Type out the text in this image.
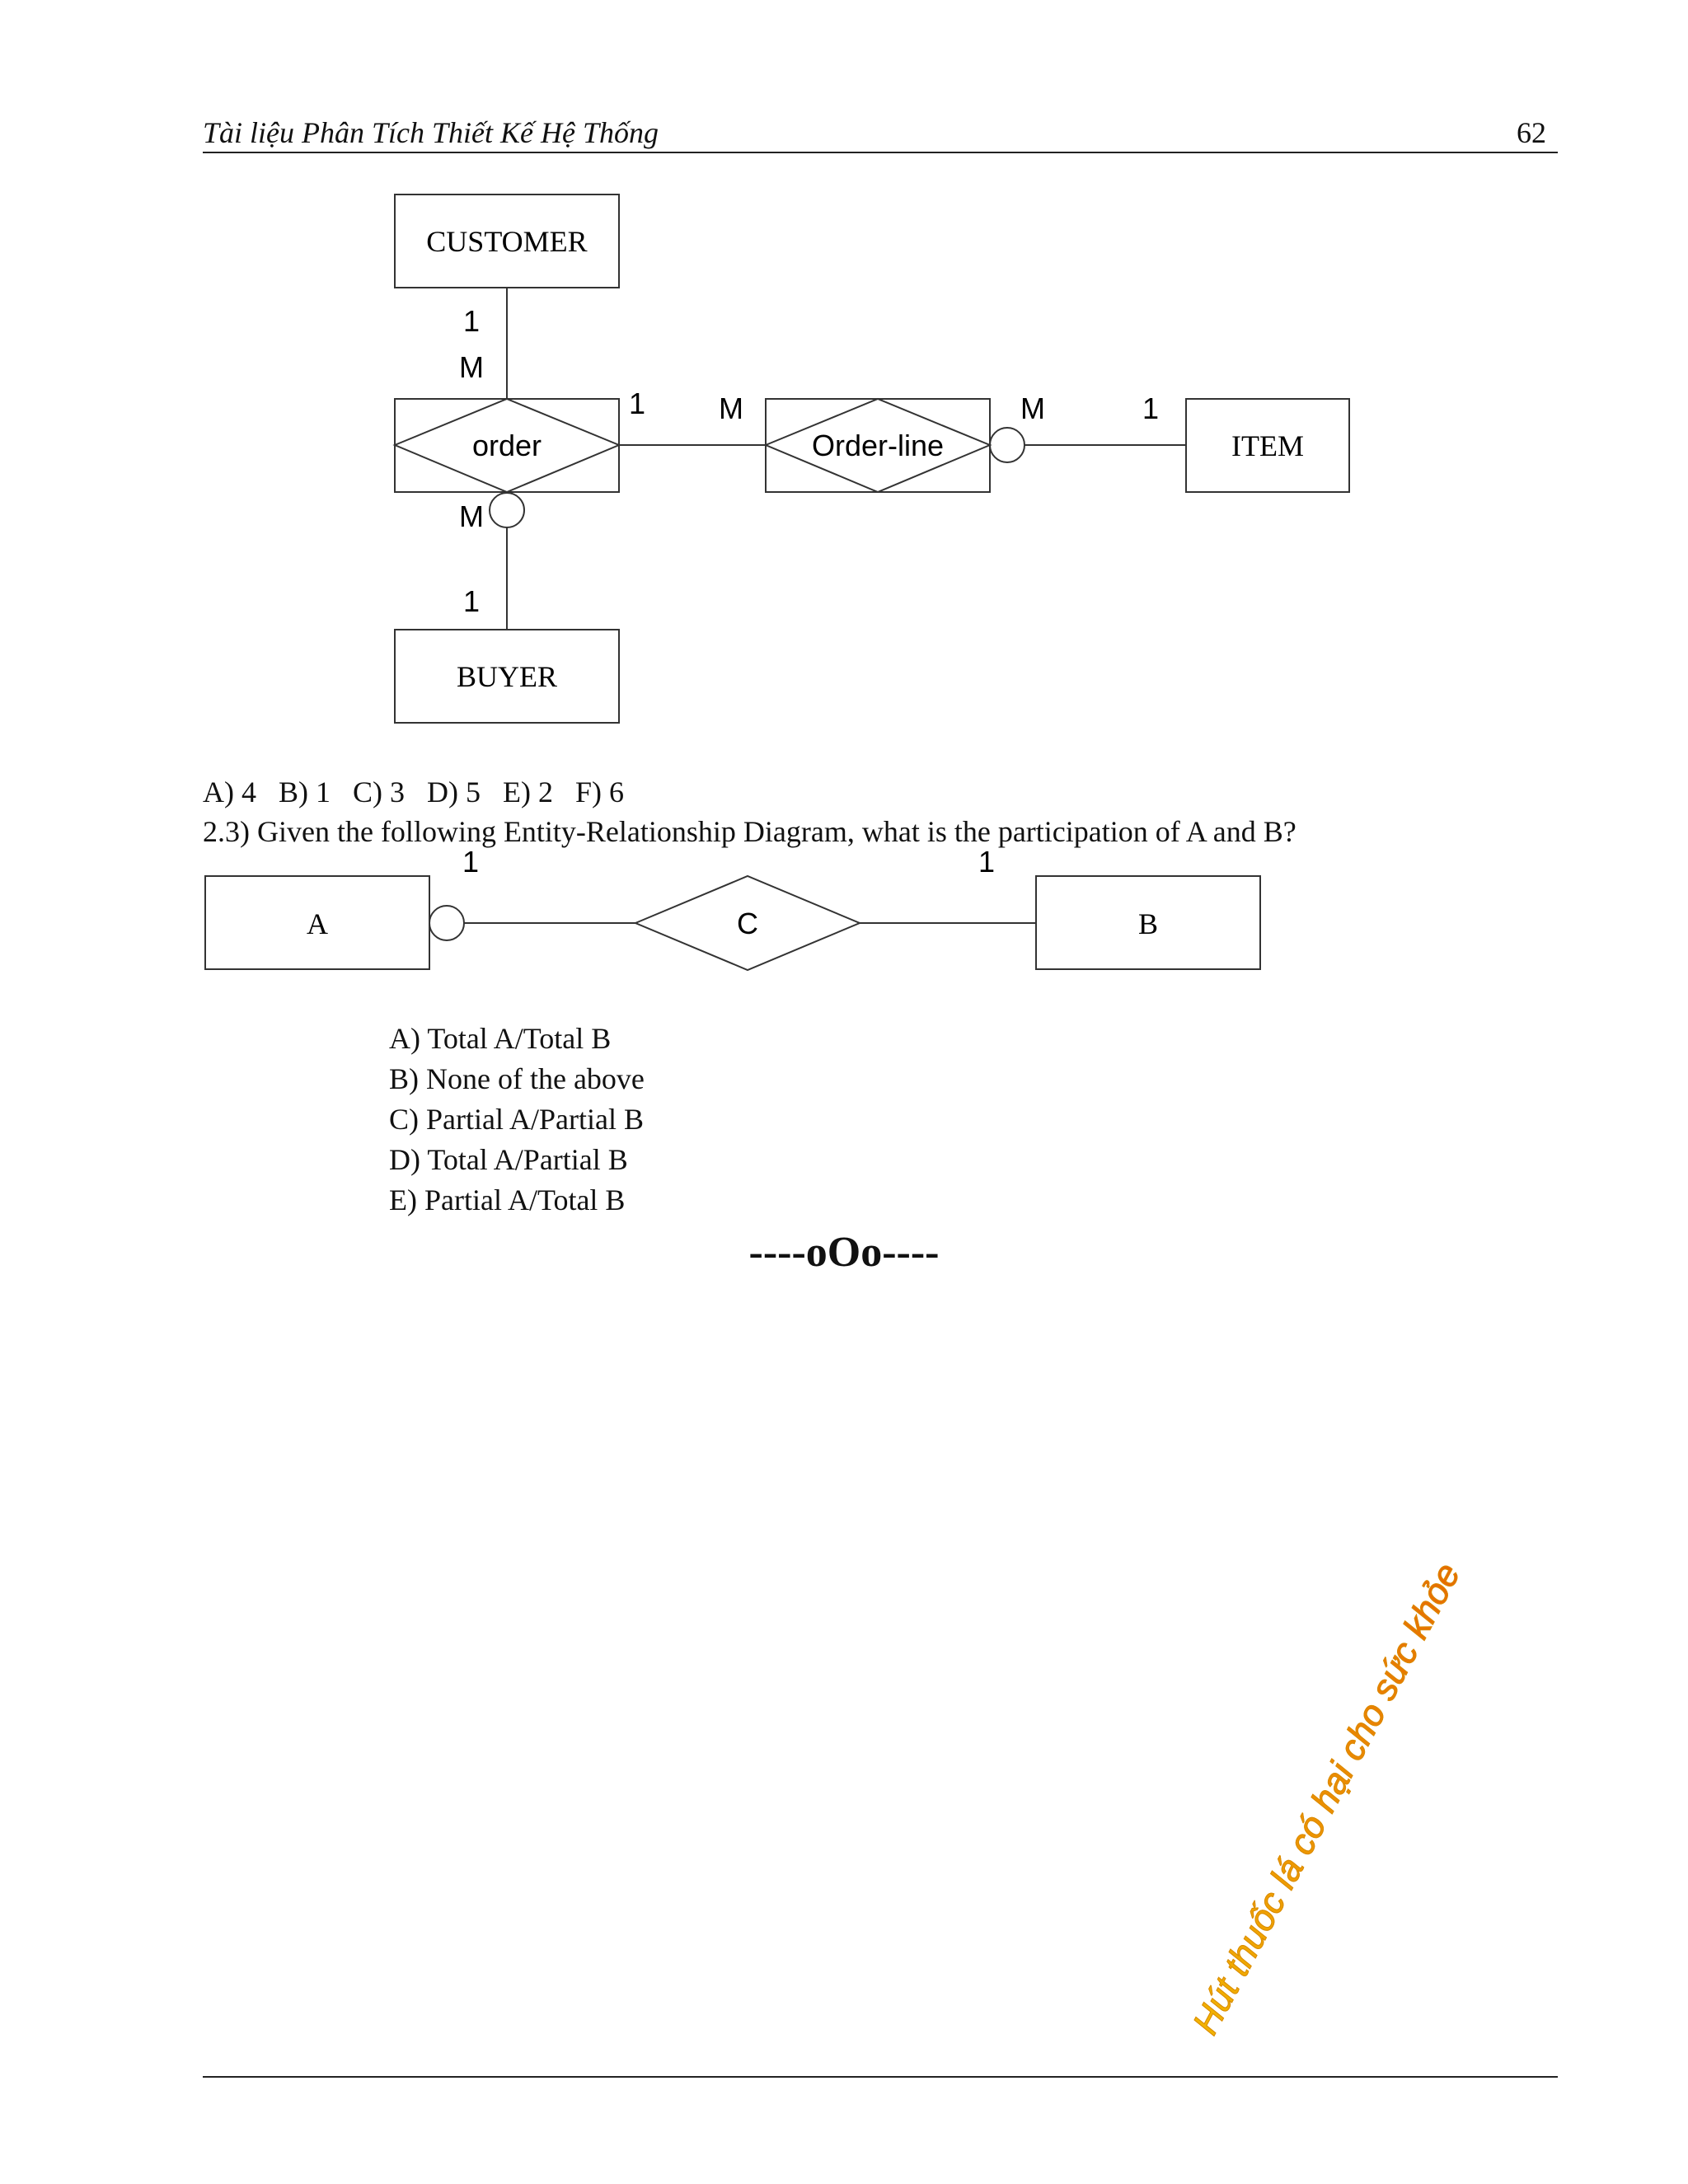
Tài liệu Phân Tích Thiết Kế Hệ Thống	62
CUSTOMER
ITEM
BUYER
order	Order-line
1
M
1 M	M	1
M
1
A) 4   B) 1   C) 3   D) 5   E) 2   F) 6
2.3) Given the following Entity-Relationship Diagram, what is the participation of A and B?
A	C	B
1	1
A) Total A/Total B
B) None of the above
C) Partial A/Partial B
D) Total A/Partial B
E) Partial A/Total B
----oOo----
Hút thuốc lá có hại cho sức khỏe
